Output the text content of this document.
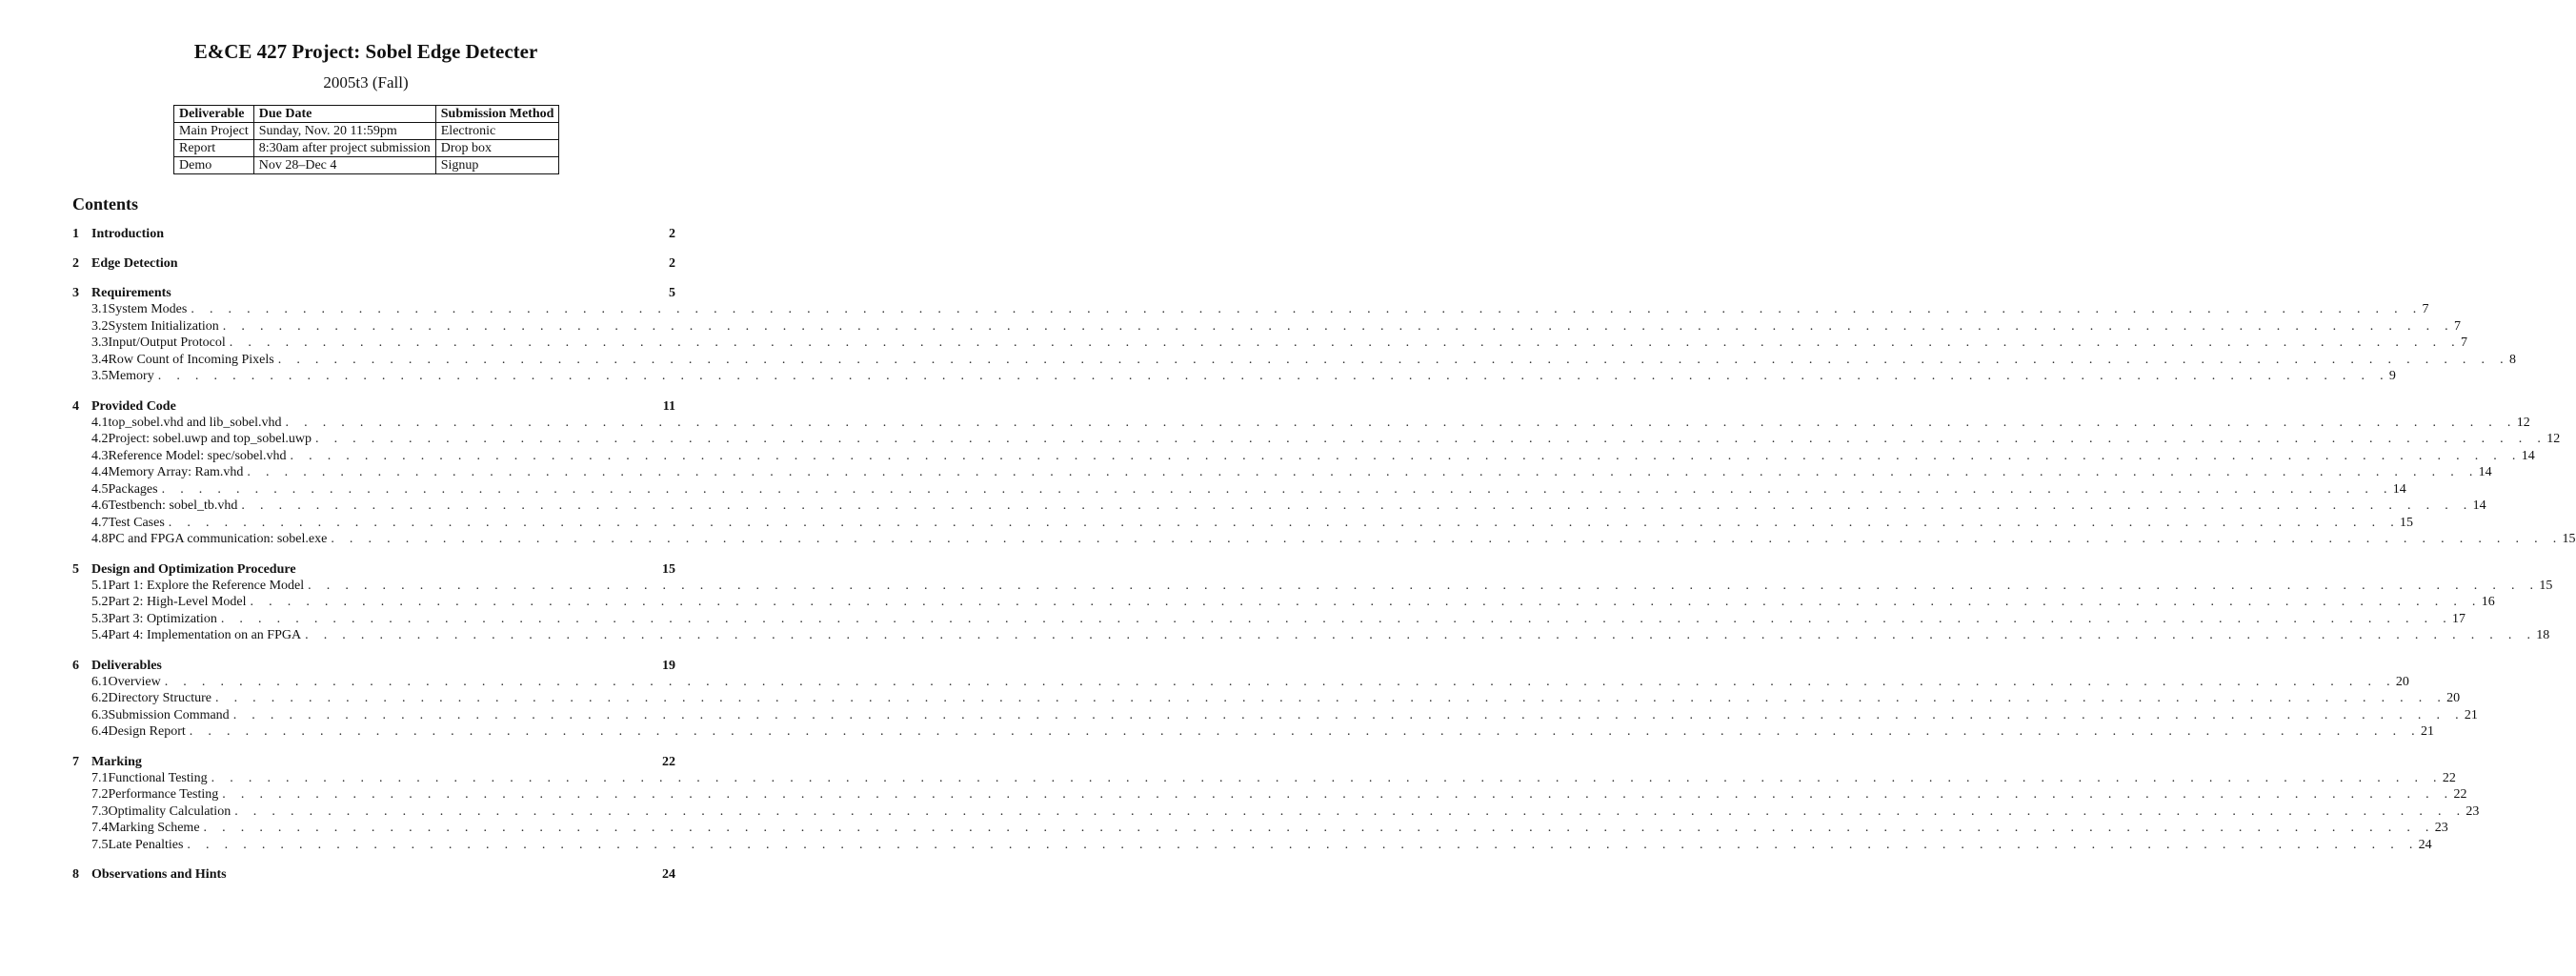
E&CE 427 Project: Sobel Edge Detecter
2005t3 (Fall)
Deliverable	Due Date	Submission Method
Main Project	Sunday, Nov. 20 11:59pm	Electronic
Report	8:30am after project submission	Drop box
Demo	Nov 28–Dec 4	Signup
Contents
1 Introduction	2
2 Edge Detection	2
3 Requirements	5
3.1 System Modes . . . . . . . . . . . . . . . . . . . . . . . . . . . . . . . . . . . . . . . . . . . . . . . . . . . . . . . . . . . . . . . . . . . . . . . . . . . . . . . . . . . . . . . . . . . . . . . . . . . . . . . . . . . . . . . . . . . . . . . . 7
3.2 System Initialization . . . . . . . . . . . . . . . . . . . . . . . . . . . . . . . . . . . . . . . . . . . . . . . . . . . . . . . . . . . . . . . . . . . . . . . . . . . . . . . . . . . . . . . . . . . . . . . . . . . . . . . . . . . . . . . . . . . . . . . . 7
3.3 Input/Output Protocol . . . . . . . . . . . . . . . . . . . . . . . . . . . . . . . . . . . . . . . . . . . . . . . . . . . . . . . . . . . . . . . . . . . . . . . . . . . . . . . . . . . . . . . . . . . . . . . . . . . . . . . . . . . . . . . . . . . . . . . . 7
3.4 Row Count of Incoming Pixels . . . . . . . . . . . . . . . . . . . . . . . . . . . . . . . . . . . . . . . . . . . . . . . . . . . . . . . . . . . . . . . . . . . . . . . . . . . . . . . . . . . . . . . . . . . . . . . . . . . . . . . . . . . . . . . . . . . . . . . . 8
3.5 Memory . . . . . . . . . . . . . . . . . . . . . . . . . . . . . . . . . . . . . . . . . . . . . . . . . . . . . . . . . . . . . . . . . . . . . . . . . . . . . . . . . . . . . . . . . . . . . . . . . . . . . . . . . . . . . . . . . . . . . . . . 9
4 Provided Code	11
4.1 top_sobel.vhd and lib_sobel.vhd . . . . . . . . . . . . . . . . . . . . . . . . . . . . . . . . . . . . . . . . . . . . . . . . . . . . . . . . . . . . . . . . . . . . . . . . . . . . . . . . . . . . . . . . . . . . . . . . . . . . . . . . . . . . . . . . . . . . . . . . 12
4.2 Project: sobel.uwp and top_sobel.uwp . . . . . . . . . . . . . . . . . . . . . . . . . . . . . . . . . . . . . . . . . . . . . . . . . . . . . . . . . . . . . . . . . . . . . . . . . . . . . . . . . . . . . . . . . . . . . . . . . . . . . . . . . . . . . . . . . . . . . . . . 12
4.3 Reference Model: spec/sobel.vhd . . . . . . . . . . . . . . . . . . . . . . . . . . . . . . . . . . . . . . . . . . . . . . . . . . . . . . . . . . . . . . . . . . . . . . . . . . . . . . . . . . . . . . . . . . . . . . . . . . . . . . . . . . . . . . . . . . . . . . . . 14
4.4 Memory Array: Ram.vhd . . . . . . . . . . . . . . . . . . . . . . . . . . . . . . . . . . . . . . . . . . . . . . . . . . . . . . . . . . . . . . . . . . . . . . . . . . . . . . . . . . . . . . . . . . . . . . . . . . . . . . . . . . . . . . . . . . . . . . . . 14
4.5 Packages . . . . . . . . . . . . . . . . . . . . . . . . . . . . . . . . . . . . . . . . . . . . . . . . . . . . . . . . . . . . . . . . . . . . . . . . . . . . . . . . . . . . . . . . . . . . . . . . . . . . . . . . . . . . . . . . . . . . . . . . 14
4.6 Testbench: sobel_tb.vhd . . . . . . . . . . . . . . . . . . . . . . . . . . . . . . . . . . . . . . . . . . . . . . . . . . . . . . . . . . . . . . . . . . . . . . . . . . . . . . . . . . . . . . . . . . . . . . . . . . . . . . . . . . . . . . . . . . . . . . . . 14
4.7 Test Cases . . . . . . . . . . . . . . . . . . . . . . . . . . . . . . . . . . . . . . . . . . . . . . . . . . . . . . . . . . . . . . . . . . . . . . . . . . . . . . . . . . . . . . . . . . . . . . . . . . . . . . . . . . . . . . . . . . . . . . . . 15
4.8 PC and FPGA communication: sobel.exe . . . . . . . . . . . . . . . . . . . . . . . . . . . . . . . . . . . . . . . . . . . . . . . . . . . . . . . . . . . . . . . . . . . . . . . . . . . . . . . . . . . . . . . . . . . . . . . . . . . . . . . . . . . . . . . . . . . . . . . . 15
5 Design and Optimization Procedure	15
5.1 Part 1: Explore the Reference Model . . . . . . . . . . . . . . . . . . . . . . . . . . . . . . . . . . . . . . . . . . . . . . . . . . . . . . . . . . . . . . . . . . . . . . . . . . . . . . . . . . . . . . . . . . . . . . . . . . . . . . . . . . . . . . . . . . . . . . . . 15
5.2 Part 2: High-Level Model . . . . . . . . . . . . . . . . . . . . . . . . . . . . . . . . . . . . . . . . . . . . . . . . . . . . . . . . . . . . . . . . . . . . . . . . . . . . . . . . . . . . . . . . . . . . . . . . . . . . . . . . . . . . . . . . . . . . . . . . 16
5.3 Part 3: Optimization . . . . . . . . . . . . . . . . . . . . . . . . . . . . . . . . . . . . . . . . . . . . . . . . . . . . . . . . . . . . . . . . . . . . . . . . . . . . . . . . . . . . . . . . . . . . . . . . . . . . . . . . . . . . . . . . . . . . . . . . 17
5.4 Part 4: Implementation on an FPGA . . . . . . . . . . . . . . . . . . . . . . . . . . . . . . . . . . . . . . . . . . . . . . . . . . . . . . . . . . . . . . . . . . . . . . . . . . . . . . . . . . . . . . . . . . . . . . . . . . . . . . . . . . . . . . . . . . . . . . . . 18
6 Deliverables	19
6.1 Overview . . . . . . . . . . . . . . . . . . . . . . . . . . . . . . . . . . . . . . . . . . . . . . . . . . . . . . . . . . . . . . . . . . . . . . . . . . . . . . . . . . . . . . . . . . . . . . . . . . . . . . . . . . . . . . . . . . . . . . . . 20
6.2 Directory Structure . . . . . . . . . . . . . . . . . . . . . . . . . . . . . . . . . . . . . . . . . . . . . . . . . . . . . . . . . . . . . . . . . . . . . . . . . . . . . . . . . . . . . . . . . . . . . . . . . . . . . . . . . . . . . . . . . . . . . . . . 20
6.3 Submission Command . . . . . . . . . . . . . . . . . . . . . . . . . . . . . . . . . . . . . . . . . . . . . . . . . . . . . . . . . . . . . . . . . . . . . . . . . . . . . . . . . . . . . . . . . . . . . . . . . . . . . . . . . . . . . . . . . . . . . . . . 21
6.4 Design Report . . . . . . . . . . . . . . . . . . . . . . . . . . . . . . . . . . . . . . . . . . . . . . . . . . . . . . . . . . . . . . . . . . . . . . . . . . . . . . . . . . . . . . . . . . . . . . . . . . . . . . . . . . . . . . . . . . . . . . . . 21
7 Marking	22
7.1 Functional Testing . . . . . . . . . . . . . . . . . . . . . . . . . . . . . . . . . . . . . . . . . . . . . . . . . . . . . . . . . . . . . . . . . . . . . . . . . . . . . . . . . . . . . . . . . . . . . . . . . . . . . . . . . . . . . . . . . . . . . . . . 22
7.2 Performance Testing . . . . . . . . . . . . . . . . . . . . . . . . . . . . . . . . . . . . . . . . . . . . . . . . . . . . . . . . . . . . . . . . . . . . . . . . . . . . . . . . . . . . . . . . . . . . . . . . . . . . . . . . . . . . . . . . . . . . . . . . 22
7.3 Optimality Calculation . . . . . . . . . . . . . . . . . . . . . . . . . . . . . . . . . . . . . . . . . . . . . . . . . . . . . . . . . . . . . . . . . . . . . . . . . . . . . . . . . . . . . . . . . . . . . . . . . . . . . . . . . . . . . . . . . . . . . . . . 23
7.4 Marking Scheme . . . . . . . . . . . . . . . . . . . . . . . . . . . . . . . . . . . . . . . . . . . . . . . . . . . . . . . . . . . . . . . . . . . . . . . . . . . . . . . . . . . . . . . . . . . . . . . . . . . . . . . . . . . . . . . . . . . . . . . . 23
7.5 Late Penalties . . . . . . . . . . . . . . . . . . . . . . . . . . . . . . . . . . . . . . . . . . . . . . . . . . . . . . . . . . . . . . . . . . . . . . . . . . . . . . . . . . . . . . . . . . . . . . . . . . . . . . . . . . . . . . . . . . . . . . . . 24
8 Observations and Hints	24
